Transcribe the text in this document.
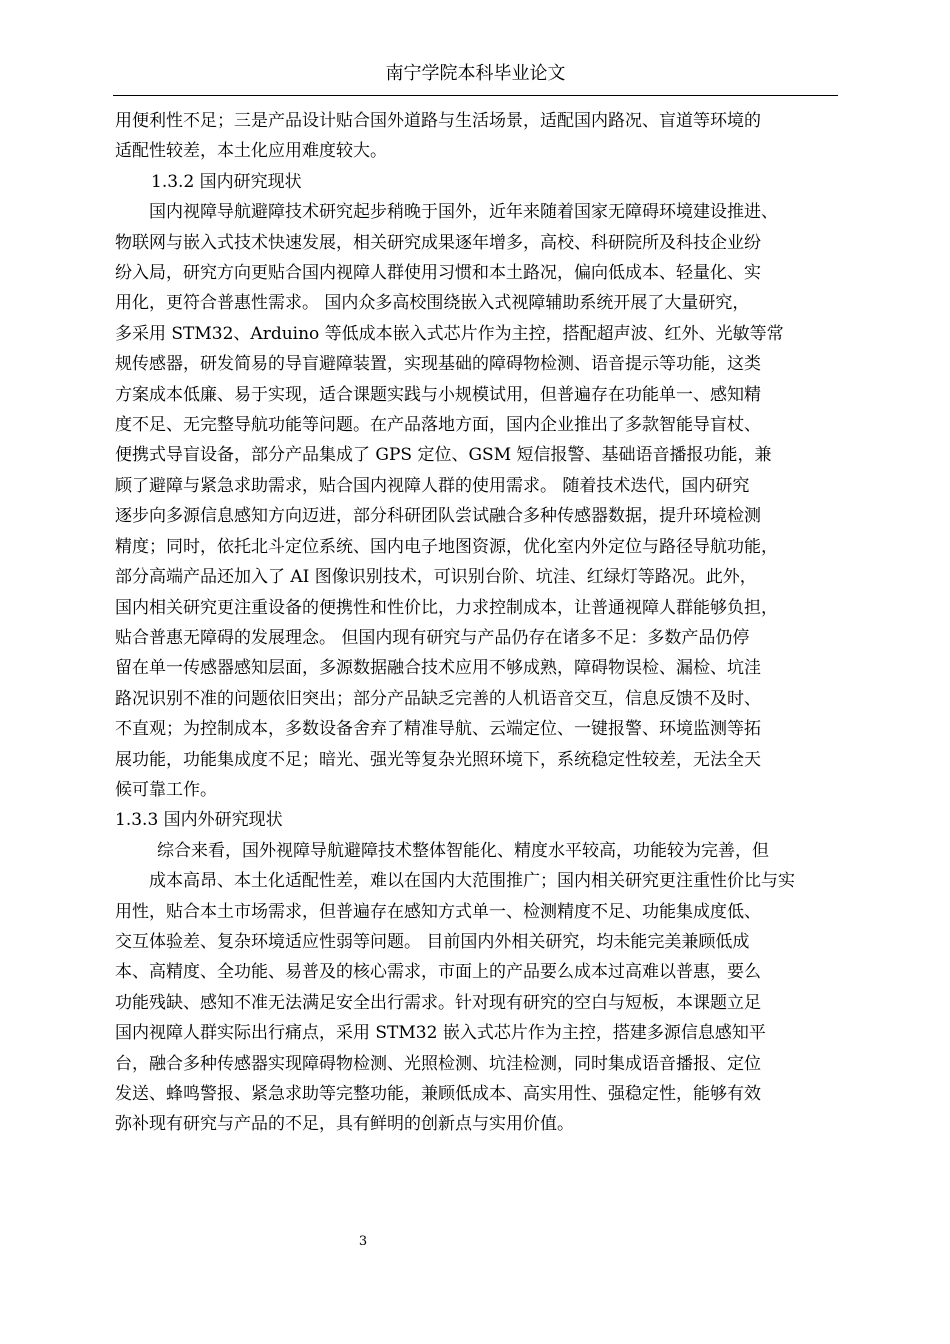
南宁学院本科毕业论文
用便利性不足；三是产品设计贴合国外道路与生活场景，适配国内路况、盲道等环境的
适配性较差，本土化应用难度较大。
1.3.2 国内研究现状
国内视障导航避障技术研究起步稍晚于国外，近年来随着国家无障碍环境建设推进、
物联网与嵌入式技术快速发展，相关研究成果逐年增多，高校、科研院所及科技企业纷
纷入局，研究方向更贴合国内视障人群使用习惯和本土路况，偏向低成本、轻量化、实
用化，更符合普惠性需求。 国内众多高校围绕嵌入式视障辅助系统开展了大量研究，
多采用 STM32、Arduino 等低成本嵌入式芯片作为主控，搭配超声波、红外、光敏等常
规传感器，研发简易的导盲避障装置，实现基础的障碍物检测、语音提示等功能，这类
方案成本低廉、易于实现，适合课题实践与小规模试用，但普遍存在功能单一、感知精
度不足、无完整导航功能等问题。在产品落地方面，国内企业推出了多款智能导盲杖、
便携式导盲设备，部分产品集成了 GPS 定位、GSM 短信报警、基础语音播报功能，兼
顾了避障与紧急求助需求，贴合国内视障人群的使用需求。 随着技术迭代，国内研究
逐步向多源信息感知方向迈进，部分科研团队尝试融合多种传感器数据，提升环境检测
精度；同时，依托北斗定位系统、国内电子地图资源，优化室内外定位与路径导航功能，
部分高端产品还加入了 AI 图像识别技术，可识别台阶、坑洼、红绿灯等路况。此外，
国内相关研究更注重设备的便携性和性价比，力求控制成本，让普通视障人群能够负担，
贴合普惠无障碍的发展理念。 但国内现有研究与产品仍存在诸多不足：多数产品仍停
留在单一传感器感知层面，多源数据融合技术应用不够成熟，障碍物误检、漏检、坑洼
路况识别不准的问题依旧突出；部分产品缺乏完善的人机语音交互，信息反馈不及时、
不直观；为控制成本，多数设备舍弃了精准导航、云端定位、一键报警、环境监测等拓
展功能，功能集成度不足；暗光、强光等复杂光照环境下，系统稳定性较差，无法全天
候可靠工作。
1.3.3 国内外研究现状
综合来看，国外视障导航避障技术整体智能化、精度水平较高，功能较为完善，但
成本高昂、本土化适配性差，难以在国内大范围推广；国内相关研究更注重性价比与实
用性，贴合本土市场需求，但普遍存在感知方式单一、检测精度不足、功能集成度低、
交互体验差、复杂环境适应性弱等问题。 目前国内外相关研究，均未能完美兼顾低成
本、高精度、全功能、易普及的核心需求，市面上的产品要么成本过高难以普惠，要么
功能残缺、感知不准无法满足安全出行需求。针对现有研究的空白与短板，本课题立足
国内视障人群实际出行痛点，采用 STM32 嵌入式芯片作为主控，搭建多源信息感知平
台，融合多种传感器实现障碍物检测、光照检测、坑洼检测，同时集成语音播报、定位
发送、蜂鸣警报、紧急求助等完整功能，兼顾低成本、高实用性、强稳定性，能够有效
弥补现有研究与产品的不足，具有鲜明的创新点与实用价值。
3
